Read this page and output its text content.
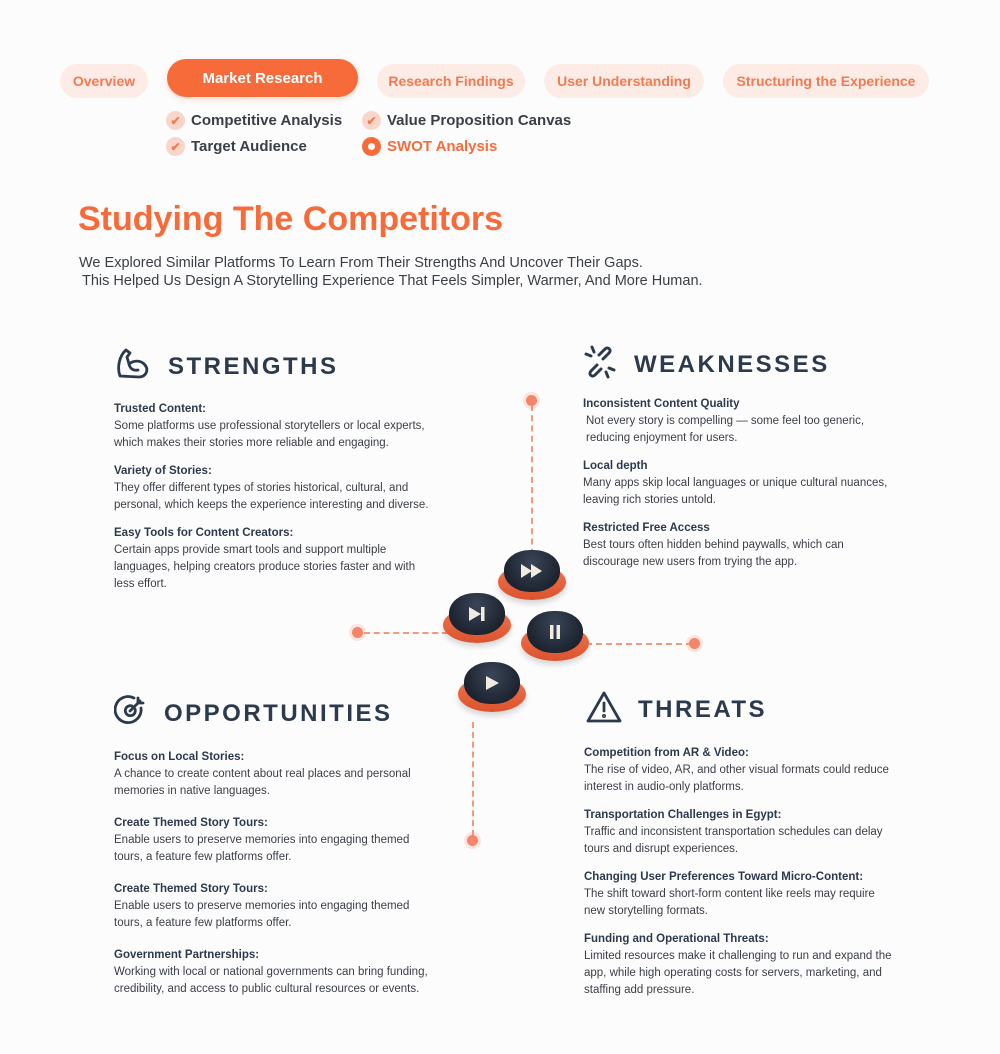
Overview	Market Research	Research Findings	User Understanding	Structuring the Experience
✔ Competitive Analysis	✔ Value Proposition Canvas
✔ Target Audience	SWOT Analysis
Studying The Competitors
We Explored Similar Platforms To Learn From Their Strengths And Uncover Their Gaps.
This Helped Us Design A Storytelling Experience That Feels Simpler, Warmer, And More Human.
STRENGTHS
Trusted Content:
Some platforms use professional storytellers or local experts, which makes their stories more reliable and engaging.
Variety of Stories:
They offer different types of stories historical, cultural, and personal, which keeps the experience interesting and diverse.
Easy Tools for Content Creators:
Certain apps provide smart tools and support multiple languages, helping creators produce stories faster and with less effort.
WEAKNESSES
Inconsistent Content Quality
Not every story is compelling — some feel too generic, reducing enjoyment for users.
Local depth
Many apps skip local languages or unique cultural nuances, leaving rich stories untold.
Restricted Free Access
Best tours often hidden behind paywalls, which can discourage new users from trying the app.
OPPORTUNITIES
Focus on Local Stories:
A chance to create content about real places and personal memories in native languages.
Create Themed Story Tours:
Enable users to preserve memories into engaging themed tours, a feature few platforms offer.
Create Themed Story Tours:
Enable users to preserve memories into engaging themed tours, a feature few platforms offer.
Government Partnerships:
Working with local or national governments can bring funding, credibility, and access to public cultural resources or events.
THREATS
Competition from AR & Video:
The rise of video, AR, and other visual formats could reduce interest in audio-only platforms.
Transportation Challenges in Egypt:
Traffic and inconsistent transportation schedules can delay tours and disrupt experiences.
Changing User Preferences Toward Micro-Content:
The shift toward short-form content like reels may require new storytelling formats.
Funding and Operational Threats:
Limited resources make it challenging to run and expand the app, while high operating costs for servers, marketing, and staffing add pressure.
